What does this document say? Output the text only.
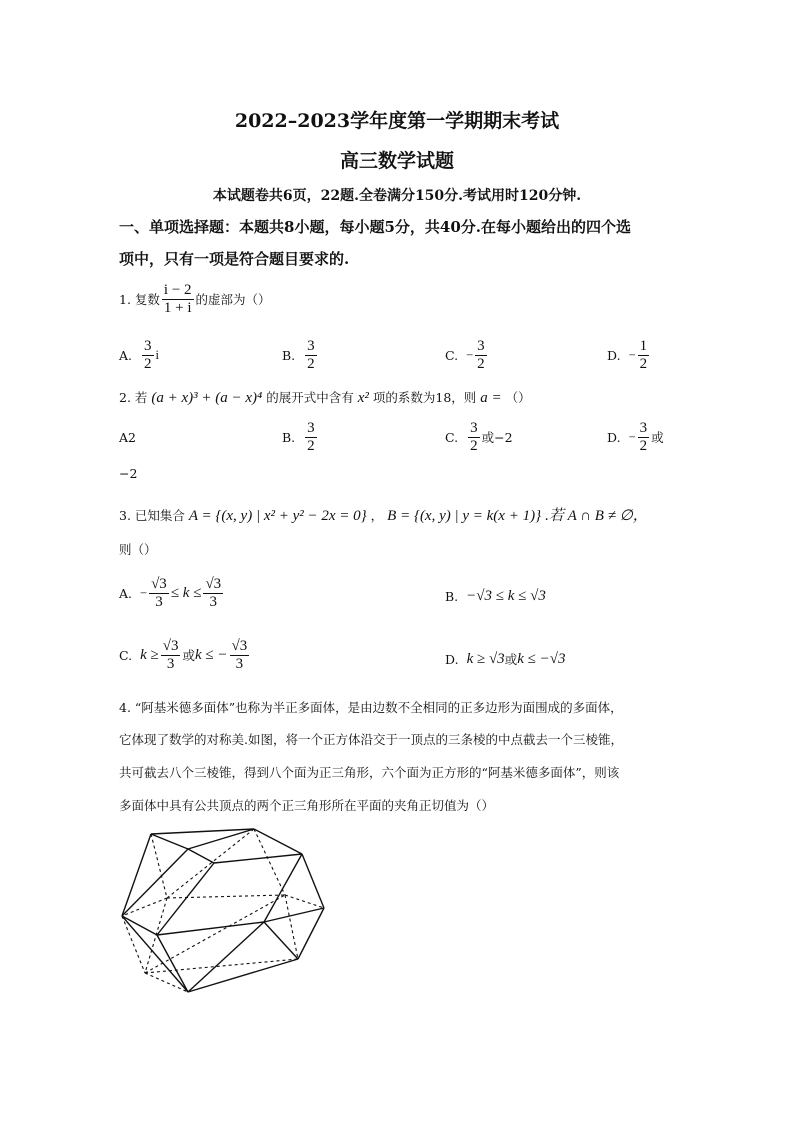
2022–2023学年度第一学期期末考试
高三数学试题
本试题卷共6页，22题.全卷满分150分.考试用时120分钟.
一、单项选择题：本题共8小题，每小题5分，共40分.在每小题给出的四个选
项中，只有一项是符合题目要求的.
1. 复数 $\frac{i - 2}{1 + i}$ 的虚部为（）
A. $\frac{3}{2}$ i	B. $\frac{3}{2}$	C. − $\frac{3}{2}$	D. − $\frac{1}{2}$
2. 若 (a + x)³ + (a − x)⁴ 的展开式中含有 x² 项的系数为18，则 a = （）
A2	B. $\frac{3}{2}$	C. $\frac{3}{2}$ 或−2	D. − $\frac{3}{2}$ 或
−2
3. 已知集合 A = {(x, y) | x² + y² − 2x = 0} ， B = {(x, y) | y = k(x + 1)} .若 A ∩ B ≠ ∅，
则（）
A. − $\frac{√3}{3} \le k \le \frac{√3}{3}$	B. −√3 ≤ k ≤ √3
C. $k \ge \frac{√3}{3}$ 或 k ≤ − $\frac{√3}{3}$	D. k ≥ √3 或 k ≤ −√3
4. “阿基米德多面体”也称为半正多面体，是由边数不全相同的正多边形为面围成的多面体，
它体现了数学的对称美.如图，将一个正方体沿交于一顶点的三条棱的中点截去一个三棱锥，
共可截去八个三棱锥，得到八个面为正三角形，六个面为正方形的“阿基米德多面体”，则该
多面体中具有公共顶点的两个正三角形所在平面的夹角正切值为（）
